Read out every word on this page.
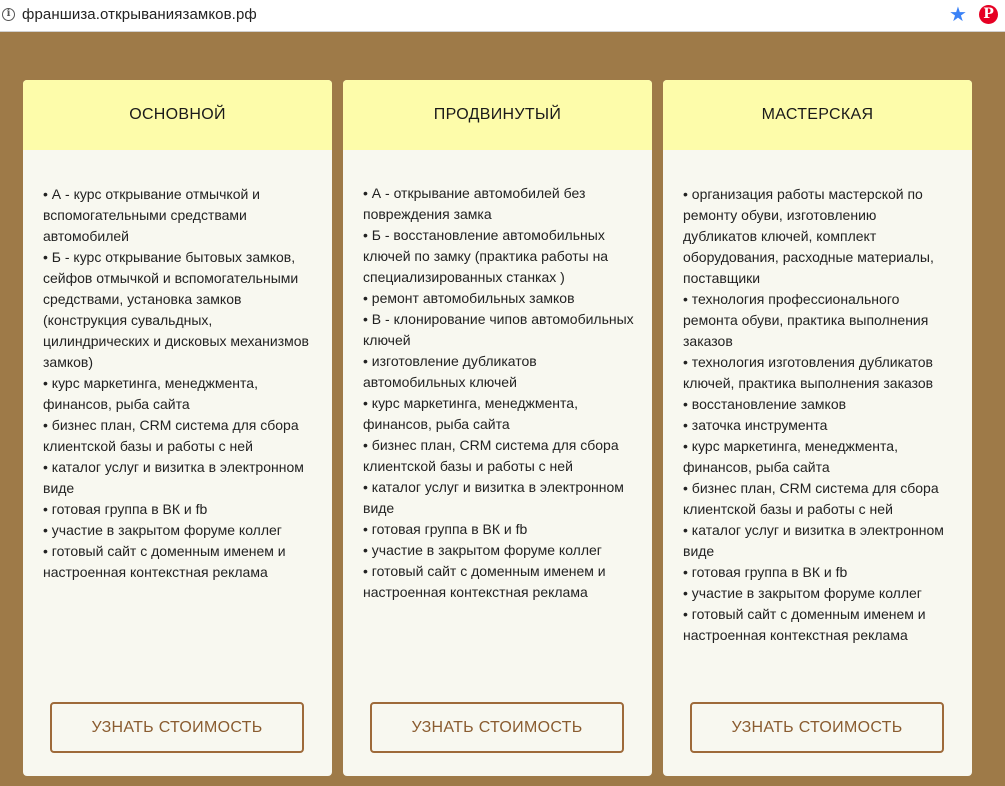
i франшиза.открываниязамков.рф	★	P
ОСНОВНОЙ
• А - курс открывание отмычкой и вспомогательными средствами автомобилей
• Б - курс открывание бытовых замков, сейфов отмычкой и вспомогательными средствами, установка замков (конструкция сувальдных, цилиндрических и дисковых механизмов замков)
• курс маркетинга, менеджмента, финансов, рыба сайта
• бизнес план, CRM система для сбора клиентской базы и работы с ней
• каталог услуг и визитка в электронном виде
• готовая группа в ВК и fb
• участие в закрытом форуме коллег
• готовый сайт с доменным именем и настроенная контекстная реклама
УЗНАТЬ СТОИМОСТЬ
ПРОДВИНУТЫЙ
• А - открывание автомобилей без повреждения замка
• Б - восстановление автомобильных ключей по замку (практика работы на специализированных станках )
• ремонт автомобильных замков
• В - клонирование чипов автомобильных ключей
• изготовление дубликатов автомобильных ключей
• курс маркетинга, менеджмента, финансов, рыба сайта
• бизнес план, CRM система для сбора клиентской базы и работы с ней
• каталог услуг и визитка в электронном виде
• готовая группа в ВК и fb
• участие в закрытом форуме коллег
• готовый сайт с доменным именем и настроенная контекстная реклама
УЗНАТЬ СТОИМОСТЬ
МАСТЕРСКАЯ
• организация работы мастерской по ремонту обуви, изготовлению дубликатов ключей, комплект оборудования, расходные материалы, поставщики
• технология профессионального ремонта обуви, практика выполнения заказов
• технология изготовления дубликатов ключей, практика выполнения заказов
• восстановление замков
• заточка инструмента
• курс маркетинга, менеджмента, финансов, рыба сайта
• бизнес план, CRM система для сбора клиентской базы и работы с ней
• каталог услуг и визитка в электронном виде
• готовая группа в ВК и fb
• участие в закрытом форуме коллег
• готовый сайт с доменным именем и настроенная контекстная реклама
УЗНАТЬ СТОИМОСТЬ
